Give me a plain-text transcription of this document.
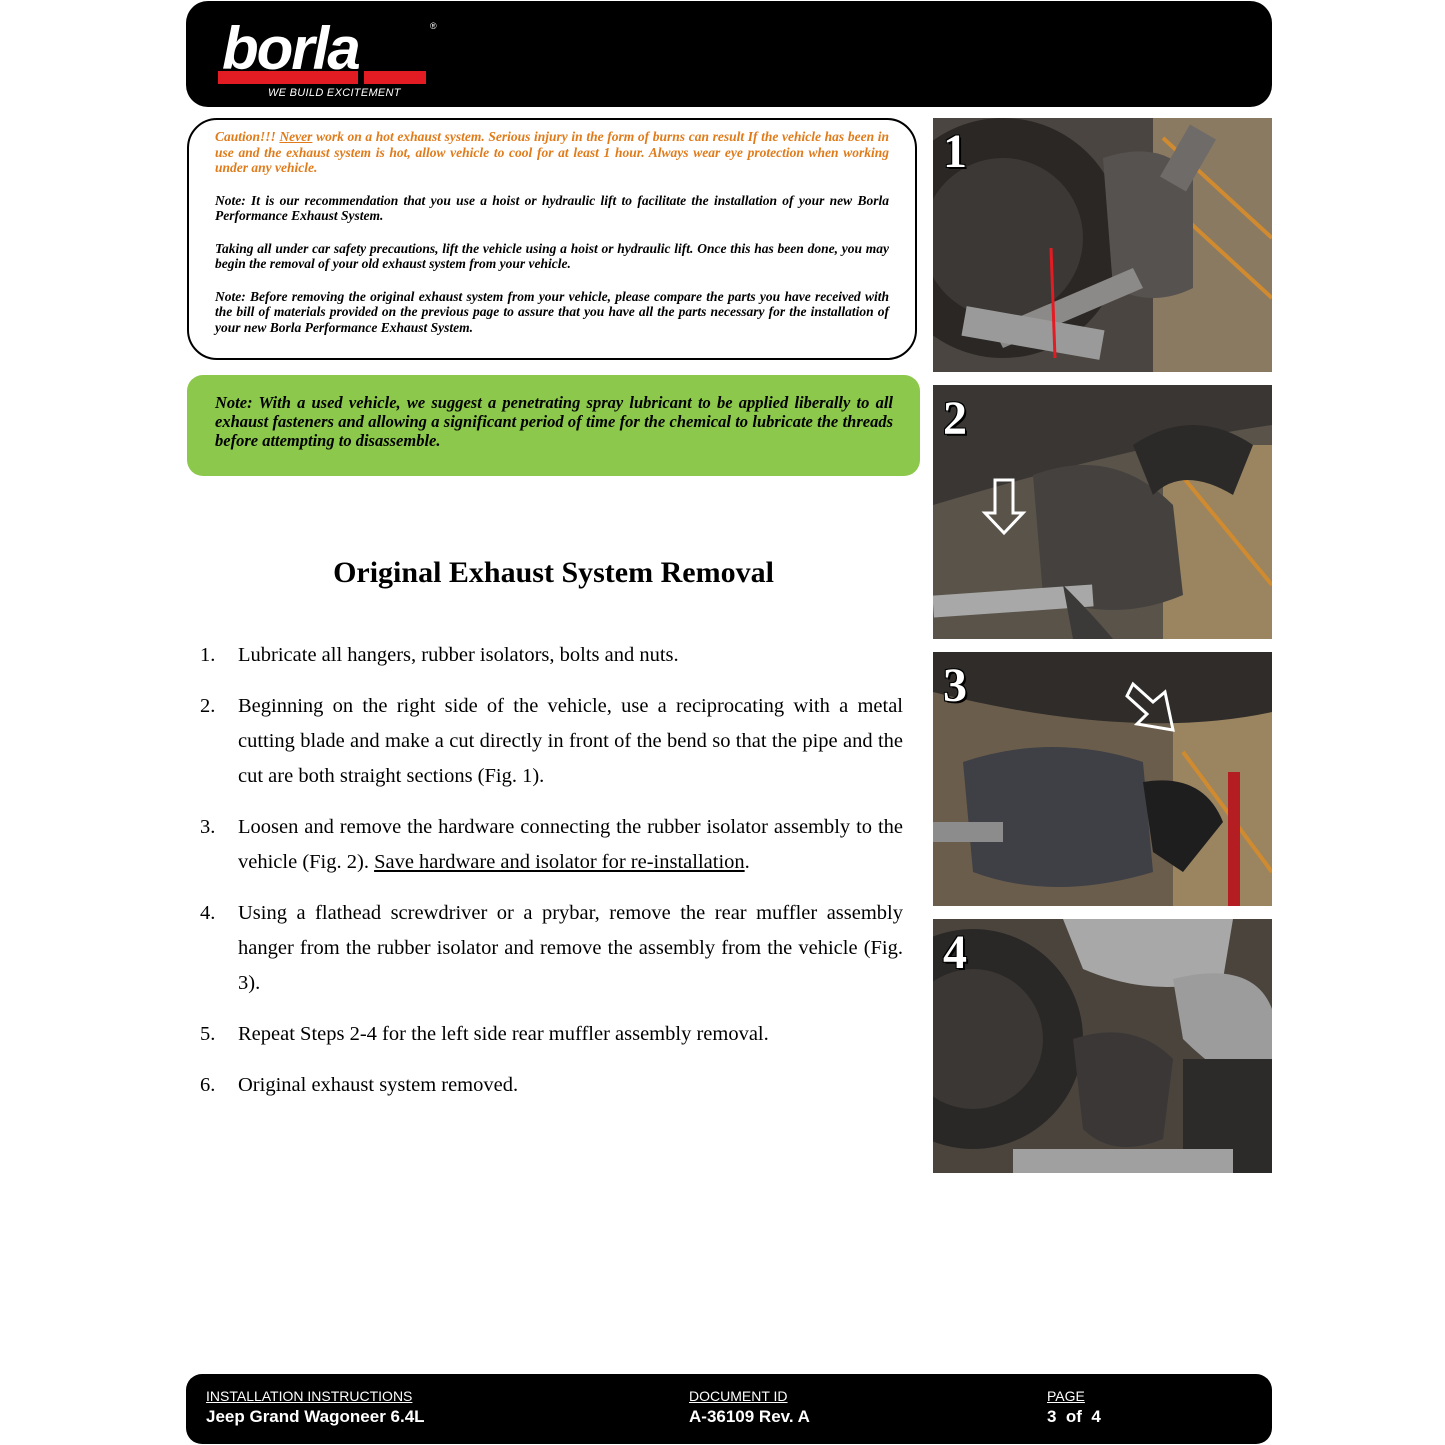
borla	®
WE BUILD EXCITEMENT

Caution!!! Never work on a hot exhaust system. Serious injury in the form of burns can result If the vehicle has been in use and the exhaust system is hot, allow vehicle to cool for at least 1 hour. Always wear eye protection when working under any vehicle.

Note: It is our recommendation that you use a hoist or hydraulic lift to facilitate the installation of your new Borla Performance Exhaust System.

Taking all under car safety precautions, lift the vehicle using a hoist or hydraulic lift. Once this has been done, you may begin the removal of your old exhaust system from your vehicle.

Note: Before removing the original exhaust system from your vehicle, please compare the parts you have received with the bill of materials provided on the previous page to assure that you have all the parts necessary for the installation of your new Borla Performance Exhaust System.

Note: With a used vehicle, we suggest a penetrating spray lubricant to be applied liberally to all exhaust fasteners and allowing a significant period of time for the chemical to lubricate the threads before attempting to disassemble.

Original Exhaust System Removal
1. Lubricate all hangers, rubber isolators, bolts and nuts.
2. Beginning on the right side of the vehicle, use a reciprocating with a metal cutting blade and make a cut directly in front of the bend so that the pipe and the cut are both straight sections (Fig. 1).
3. Loosen and remove the hardware connecting the rubber isolator assembly to the vehicle (Fig. 2). Save hardware and isolator for re-installation.
4. Using a flathead screwdriver or a prybar, remove the rear muffler assembly hanger from the rubber isolator and remove the assembly from the vehicle (Fig. 3).
5. Repeat Steps 2-4 for the left side rear muffler assembly removal.
6. Original exhaust system removed.
1
2
3
4
INSTALLATION INSTRUCTIONS
Jeep Grand Wagoneer 6.4L
DOCUMENT ID
A-36109 Rev. A
PAGE
3  of  4
